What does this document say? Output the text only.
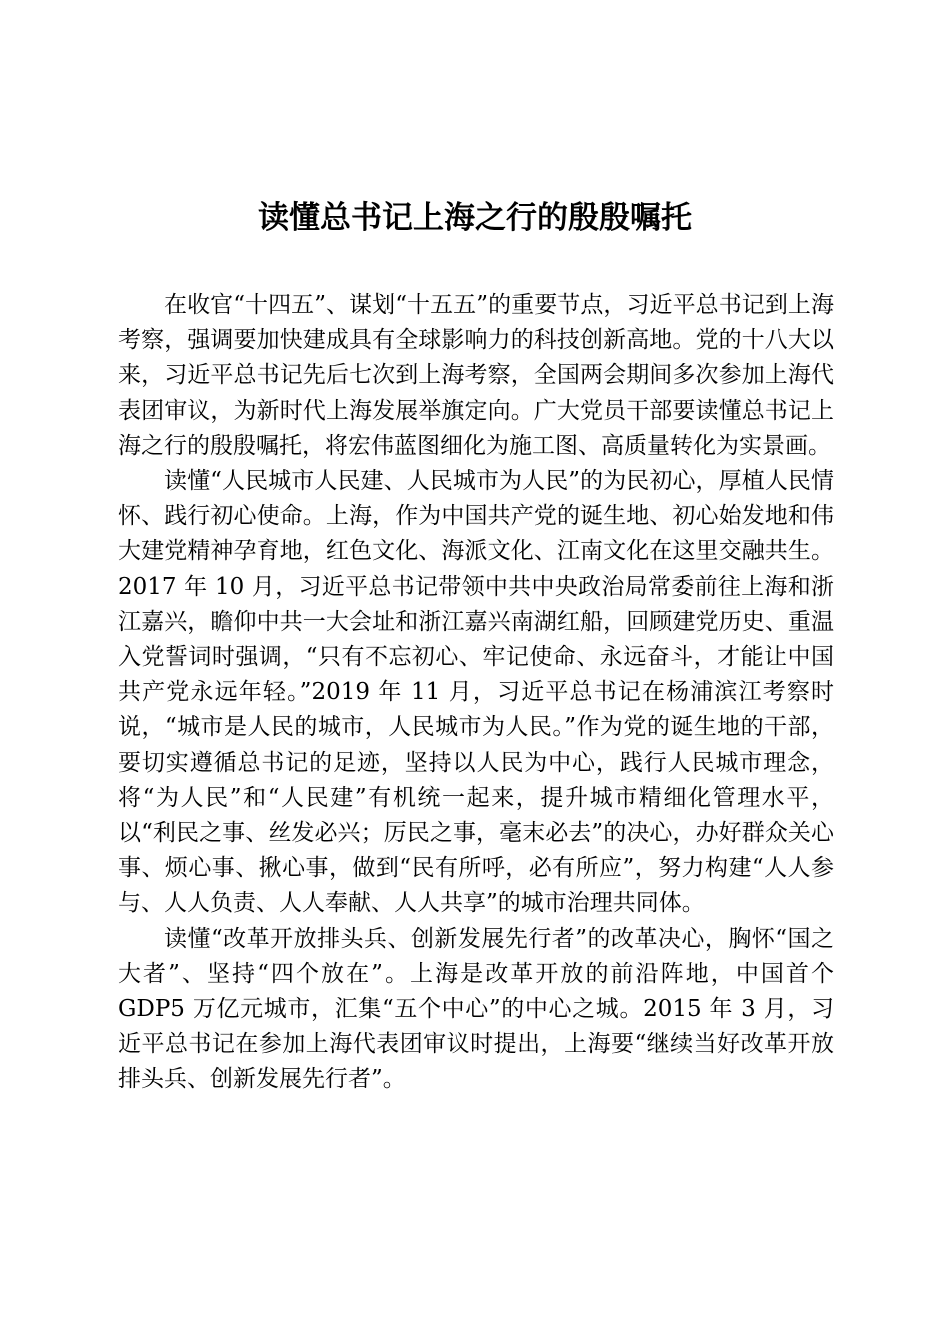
读懂总书记上海之行的殷殷嘱托

在收官“十四五”、谋划“十五五”的重要节点，习近平总书记到上海考察，强调要加快建成具有全球影响力的科技创新高地。党的十八大以来，习近平总书记先后七次到上海考察，全国两会期间多次参加上海代表团审议，为新时代上海发展举旗定向。广大党员干部要读懂总书记上海之行的殷殷嘱托，将宏伟蓝图细化为施工图、高质量转化为实景画。

读懂“人民城市人民建、人民城市为人民”的为民初心，厚植人民情怀、践行初心使命。上海，作为中国共产党的诞生地、初心始发地和伟大建党精神孕育地，红色文化、海派文化、江南文化在这里交融共生。2017 年 10 月，习近平总书记带领中共中央政治局常委前往上海和浙江嘉兴，瞻仰中共一大会址和浙江嘉兴南湖红船，回顾建党历史、重温入党誓词时强调，“只有不忘初心、牢记使命、永远奋斗，才能让中国共产党永远年轻。”2019 年 11 月，习近平总书记在杨浦滨江考察时说，“城市是人民的城市，人民城市为人民。”作为党的诞生地的干部，要切实遵循总书记的足迹，坚持以人民为中心，践行人民城市理念，将“为人民”和“人民建”有机统一起来，提升城市精细化管理水平，以“利民之事、丝发必兴；厉民之事，毫末必去”的决心，办好群众关心事、烦心事、揪心事，做到“民有所呼，必有所应”，努力构建“人人参与、人人负责、人人奉献、人人共享”的城市治理共同体。

读懂“改革开放排头兵、创新发展先行者”的改革决心，胸怀“国之大者”、坚持“四个放在”。上海是改革开放的前沿阵地，中国首个 GDP5 万亿元城市，汇集“五个中心”的中心之城。2015 年 3 月，习近平总书记在参加上海代表团审议时提出，上海要“继续当好改革开放排头兵、创新发展先行者”。
